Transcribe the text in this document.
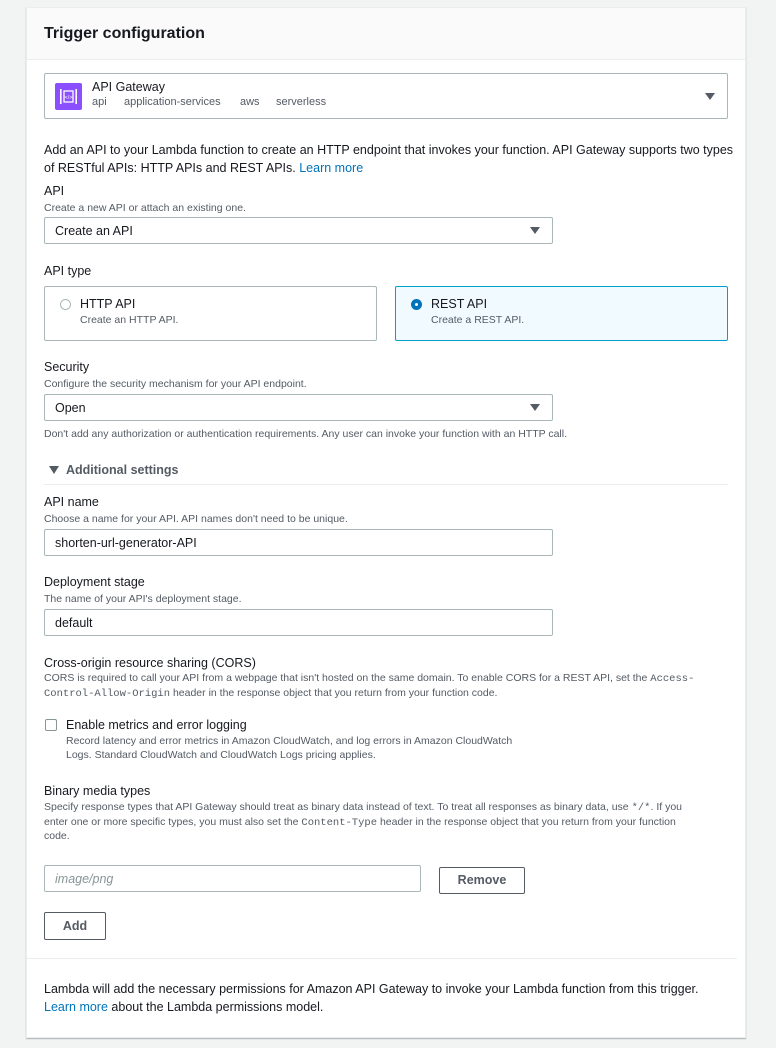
Trigger configuration
</>
API Gateway
api application-services aws serverless
Add an API to your Lambda function to create an HTTP endpoint that invokes your function. API Gateway supports two types of RESTful APIs: HTTP APIs and REST APIs. Learn more
API
Create a new API or attach an existing one.
Create an API
API type
HTTP API
Create an HTTP API.
REST API
Create a REST API.
Security
Configure the security mechanism for your API endpoint.
Open
Don't add any authorization or authentication requirements. Any user can invoke your function with an HTTP call.
Additional settings
API name
Choose a name for your API. API names don't need to be unique.
shorten-url-generator-API
Deployment stage
The name of your API's deployment stage.
default
Cross-origin resource sharing (CORS)
CORS is required to call your API from a webpage that isn't hosted on the same domain. To enable CORS for a REST API, set the Access-
Control-Allow-Origin header in the response object that you return from your function code.
Enable metrics and error logging
Record latency and error metrics in Amazon CloudWatch, and log errors in Amazon CloudWatch
Logs. Standard CloudWatch and CloudWatch Logs pricing applies.
Binary media types
Specify response types that API Gateway should treat as binary data instead of text. To treat all responses as binary data, use */*. If you
enter one or more specific types, you must also set the Content-Type header in the response object that you return from your function
code.
image/png	Remove
Add
Lambda will add the necessary permissions for Amazon API Gateway to invoke your Lambda function from this trigger.
Learn more about the Lambda permissions model.
